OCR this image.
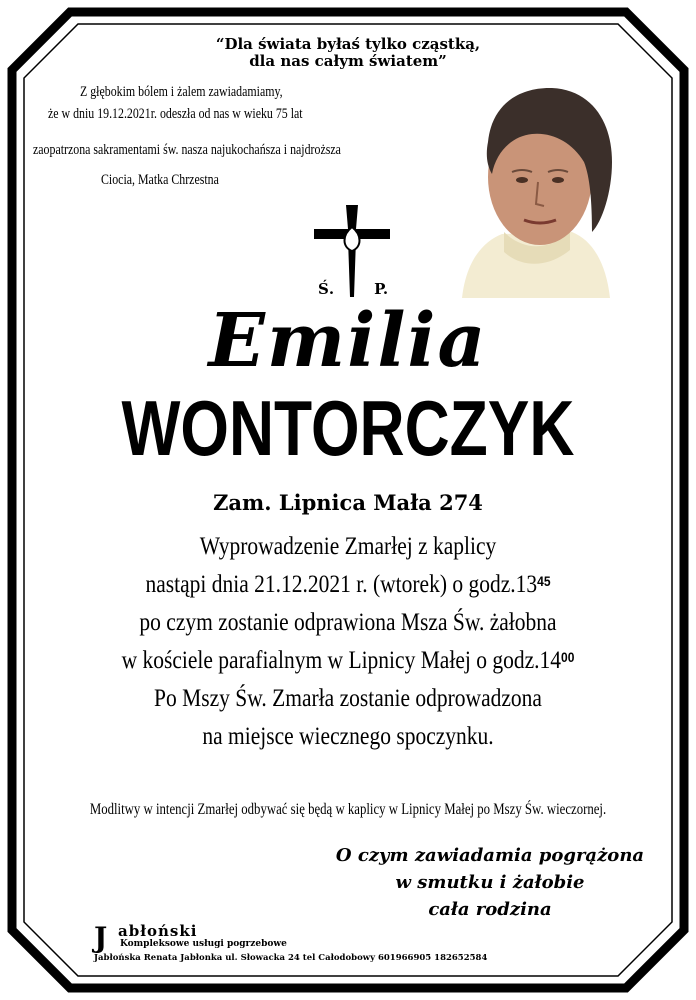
“Dla świata byłaś tylko cząstką,
dla nas całym światem”
Z głębokim bólem i żalem zawiadamiamy,
że w dniu 19.12.2021r. odeszła od nas w wieku 75 lat
zaopatrzona sakramentami św. nasza najukochańsza i najdroższa
Ciocia, Matka Chrzestna
Ś.	P.
Emilia
WONTORCZYK
Zam. Lipnica Mała 274
Wyprowadzenie Zmarłej z kaplicy
nastąpi dnia 21.12.2021 r. (wtorek) o $godz.13^{45}$
po czym zostanie odprawiona Msza Św. żałobna
w kościele parafialnym w Lipnicy Małej o $godz.14^{00}$
Po Mszy Św. Zmarła zostanie odprowadzona
na miejsce wiecznego spoczynku.
Modlitwy w intencji Zmarłej odbywać się będą w kaplicy w Lipnicy Małej po Mszy Św. wieczornej.
O czym zawiadamia pogrążona
w smutku i żałobie
cała rodzina
J abłoński
Kompleksowe usługi pogrzebowe
Jabłońska Renata Jabłonka ul. Słowacka 24 tel Całodobowy 601966905 182652584
